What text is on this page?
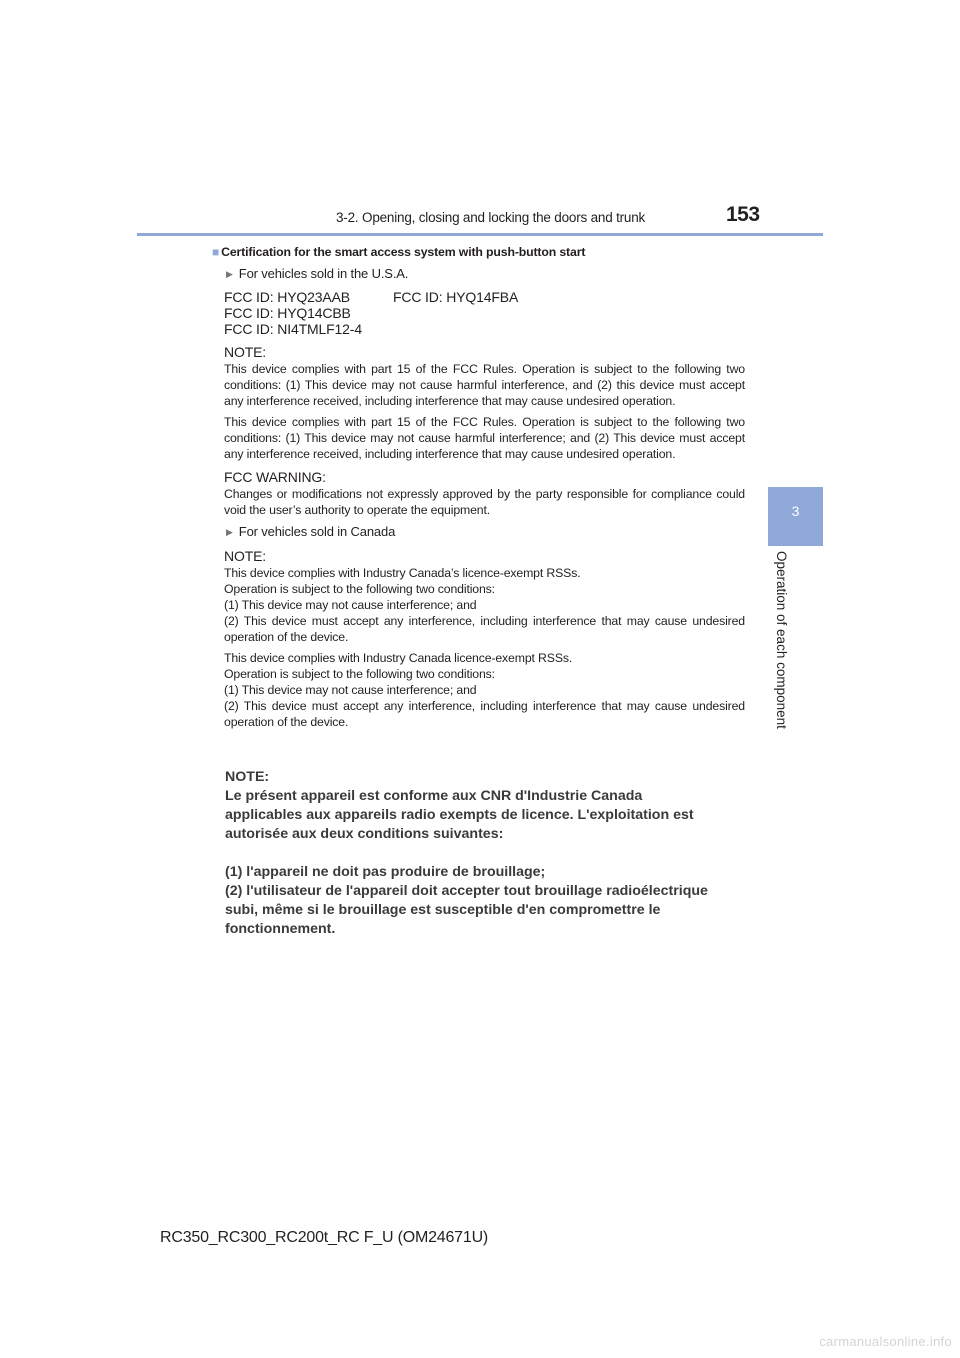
3-2. Opening, closing and locking the doors and trunk	153
3
Operation of each component
■ Certification for the smart access system with push-button start
▶ For vehicles sold in the U.S.A.
FCC ID: HYQ23AAB	FCC ID: HYQ14FBA
FCC ID: HYQ14CBB
FCC ID: NI4TMLF12-4
NOTE:
This device complies with part 15 of the FCC Rules. Operation is subject to the following two conditions: (1) This device may not cause harmful interference, and (2) this device must accept any interference received, including interference that may cause undesired operation.
This device complies with part 15 of the FCC Rules. Operation is subject to the following two conditions: (1) This device may not cause harmful interference; and (2) This device must accept any interference received, including interference that may cause undesired operation.
FCC WARNING:
Changes or modifications not expressly approved by the party responsible for compliance could void the user’s authority to operate the equipment.
▶ For vehicles sold in Canada
NOTE:
This device complies with Industry Canada’s licence-exempt RSSs.
Operation is subject to the following two conditions:
(1) This device may not cause interference; and
(2) This device must accept any interference, including interference that may cause undesired operation of the device.
This device complies with Industry Canada licence-exempt RSSs.
Operation is subject to the following two conditions:
(1) This device may not cause interference; and
(2) This device must accept any interference, including interference that may cause undesired operation of the device.
NOTE:
Le présent appareil est conforme aux CNR d'Industrie Canada
applicables aux appareils radio exempts de licence. L'exploitation est
autorisée aux deux conditions suivantes:
(1) l'appareil ne doit pas produire de brouillage;
(2) l'utilisateur de l'appareil doit accepter tout brouillage radioélectrique
subi, même si le brouillage est susceptible d'en compromettre le
fonctionnement.
RC350_RC300_RC200t_RC F_U (OM24671U)
carmanualsonline.info
